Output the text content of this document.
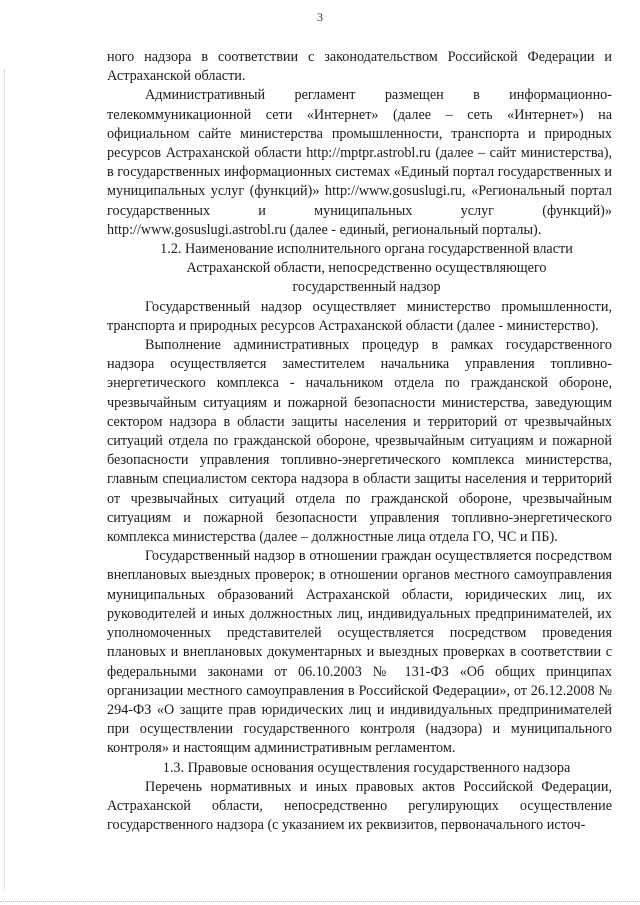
3

ного надзора в соответствии с законодательством Российской Федерации и Астраханской области.

Административный регламент размещен в информационно-телекоммуникационной сети «Интернет» (далее – сеть «Интернет») на официальном сайте министерства промышленности, транспорта и природных ресурсов Астраханской области http://mptpr.astrobl.ru (далее – сайт министерства), в государственных информационных системах «Единый портал государственных и муниципальных услуг (функций)» http://www.gosuslugi.ru, «Региональный портал государственных и муниципальных услуг (функций)» http://www.gosuslugi.astrobl.ru (далее - единый, региональный порталы).

1.2. Наименование исполнительного органа государственной власти Астраханской области, непосредственно осуществляющего государственный надзор

Государственный надзор осуществляет министерство промышленности, транспорта и природных ресурсов Астраханской области (далее - министерство).

Выполнение административных процедур в рамках государственного надзора осуществляется заместителем начальника управления топливно-энергетического комплекса - начальником отдела по гражданской обороне, чрезвычайным ситуациям и пожарной безопасности министерства, заведующим сектором надзора в области защиты населения и территорий от чрезвычайных ситуаций отдела по гражданской обороне, чрезвычайным ситуациям и пожарной безопасности управления топливно-энергетического комплекса министерства, главным специалистом сектора надзора в области защиты населения и территорий от чрезвычайных ситуаций отдела по гражданской обороне, чрезвычайным ситуациям и пожарной безопасности управления топливно-энергетического комплекса министерства (далее – должностные лица отдела ГО, ЧС и ПБ).

Государственный надзор в отношении граждан осуществляется посредством внеплановых выездных проверок; в отношении органов местного самоуправления муниципальных образований Астраханской области, юридических лиц, их руководителей и иных должностных лиц, индивидуальных предпринимателей, их уполномоченных представителей осуществляется посредством проведения плановых и внеплановых документарных и выездных проверках в соответствии с федеральными законами от 06.10.2003 № 131-ФЗ «Об общих принципах организации местного самоуправления в Российской Федерации», от 26.12.2008 № 294-ФЗ «О защите прав юридических лиц и индивидуальных предпринимателей при осуществлении государственного контроля (надзора) и муниципального контроля» и настоящим административным регламентом.

1.3. Правовые основания осуществления государственного надзора

Перечень нормативных и иных правовых актов Российской Федерации, Астраханской области, непосредственно регулирующих осуществление государственного надзора (с указанием их реквизитов, первоначального источ-
